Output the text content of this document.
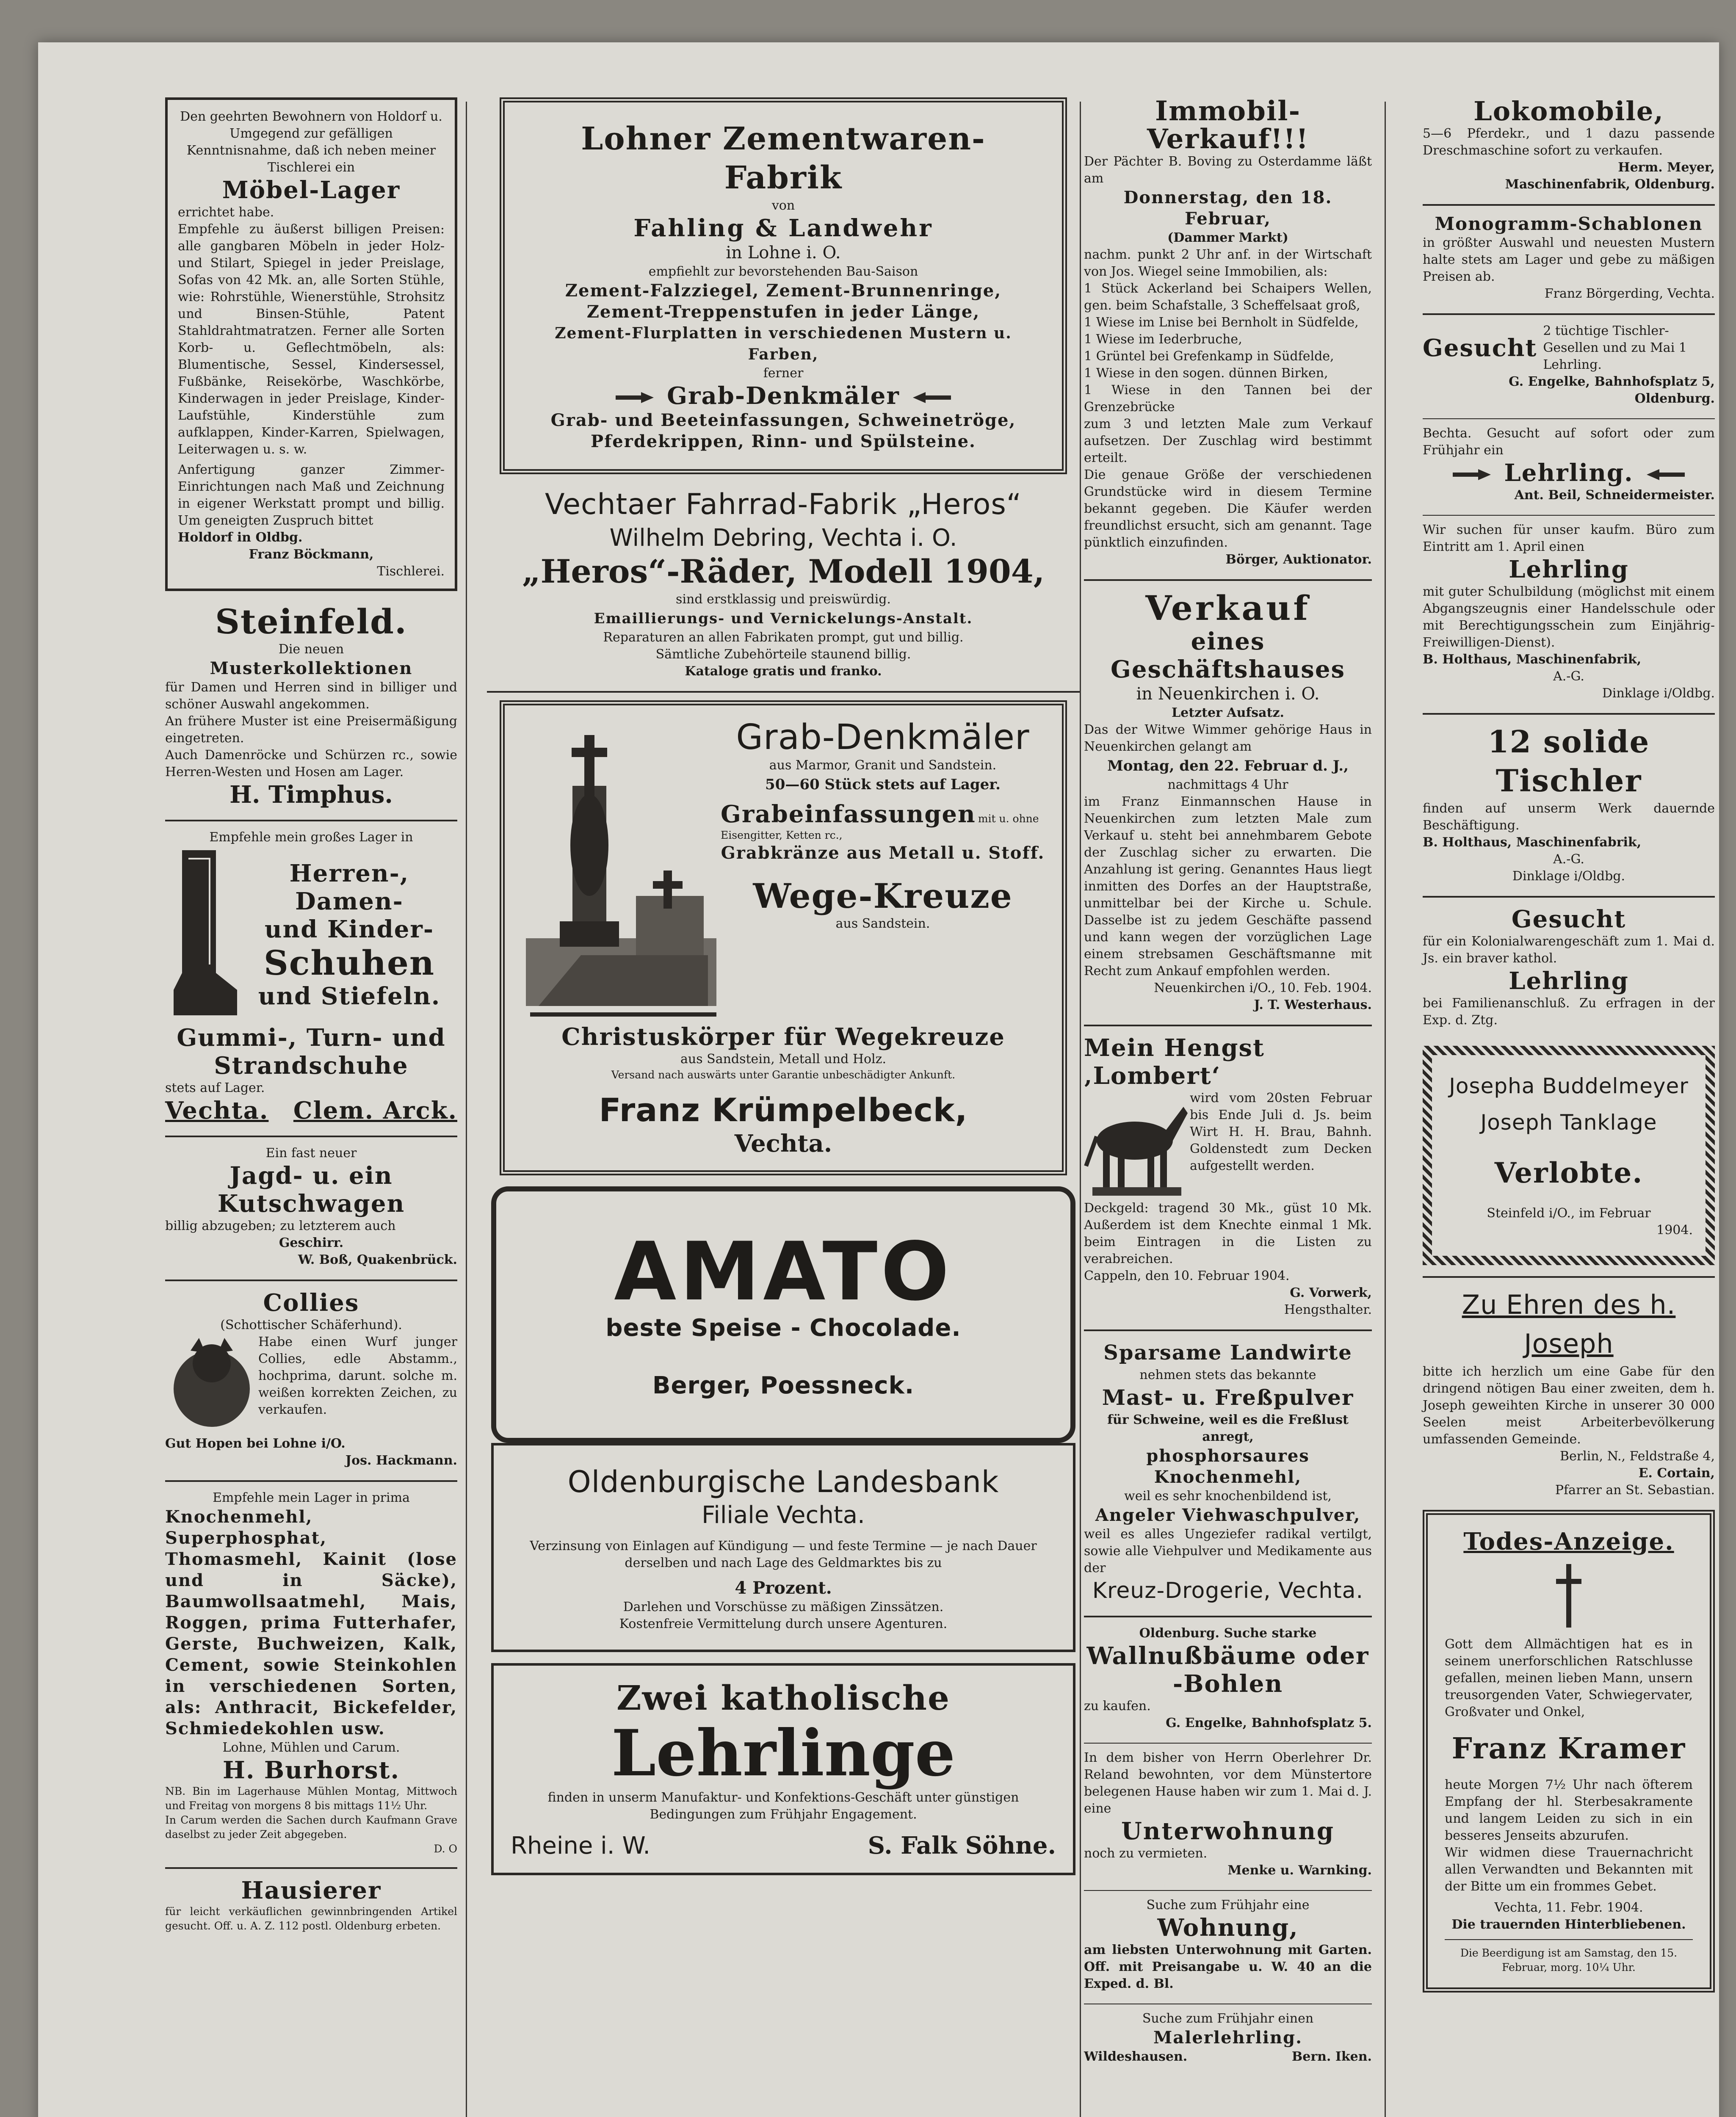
Den geehrten Bewohnern von Holdorf u. Umgegend zur gefälligen Kenntnisnahme, daß ich neben meiner Tischlerei ein
Möbel-Lager
errichtet habe.
Empfehle zu äußerst billigen Preisen: alle gangbaren Möbeln in jeder Holz- und Stilart, Spiegel in jeder Preislage, Sofas von 42 Mk. an, alle Sorten Stühle, wie: Rohrstühle, Wienerstühle, Strohsitz und Binsen-Stühle, Patent Stahldrahtmatratzen. Ferner alle Sorten Korb- u. Geflechtmöbeln, als: Blumentische, Sessel, Kindersessel, Fußbänke, Reisekörbe, Waschkörbe, Kinderwagen in jeder Preislage, Kinder-Laufstühle, Kinderstühle zum aufklappen, Kinder-Karren, Spielwagen, Leiterwagen u. s. w.
Anfertigung ganzer Zimmer-Einrichtungen nach Maß und Zeichnung in eigener Werkstatt prompt und billig. Um geneigten Zuspruch bittet
Holdorf in Oldbg.
Franz Böckmann,
Tischlerei.
Steinfeld.
Die neuen
Musterkollektionen
für Damen und Herren sind in billiger und schöner Auswahl angekommen.
An frühere Muster ist eine Preisermäßigung eingetreten.
Auch Damenröcke und Schürzen rc., sowie Herren-Westen und Hosen am Lager.
H. Timphus.
Empfehle mein großes Lager in
Herren-, Damen-
und Kinder-
Schuhen
und Stiefeln.
Gummi-, Turn- und Strandschuhe
stets auf Lager.
Vechta. Clem. Arck.
Ein fast neuer
Jagd- u. ein Kutschwagen
billig abzugeben; zu letzterem auch
Geschirr.
W. Boß, Quakenbrück.
Collies
(Schottischer Schäferhund).
Habe einen Wurf junger Collies, edle Abstamm., hochprima, darunt. solche m. weißen korrekten Zeichen, zu verkaufen.
Gut Hopen bei Lohne i/O.
Jos. Hackmann.
Empfehle mein Lager in prima
Knochenmehl, Superphosphat, Thomasmehl, Kainit (lose und in Säcke), Baumwollsaatmehl, Mais, Roggen, prima Futterhafer, Gerste, Buchweizen, Kalk, Cement, sowie Steinkohlen in verschiedenen Sorten, als: Anthracit, Bickefelder, Schmiedekohlen usw.
Lohne, Mühlen und Carum.
H. Burhorst.
NB. Bin im Lagerhause Mühlen Montag, Mittwoch und Freitag von morgens 8 bis mittags 11½ Uhr.
In Carum werden die Sachen durch Kaufmann Grave daselbst zu jeder Zeit abgegeben.
D. O
Hausierer
für leicht verkäuflichen gewinnbringenden Artikel gesucht. Off. u. A. Z. 112 postl. Oldenburg erbeten.
Lohner Zementwaren-Fabrik
von
Fahling & Landwehr
in Lohne i. O.
empfiehlt zur bevorstehenden Bau-Saison
Zement-Falzziegel, Zement-Brunnenringe,
Zement-Treppenstufen in jeder Länge,
Zement-Flurplatten in verschiedenen Mustern u. Farben,
ferner
Grab-Denkmäler
Grab- und Beeteinfassungen, Schweinetröge,
Pferdekrippen, Rinn- und Spülsteine.
Vechtaer Fahrrad-Fabrik „Heros“
Wilhelm Debring, Vechta i. O.
„Heros“-Räder, Modell 1904,
sind erstklassig und preiswürdig.
Emaillierungs- und Vernickelungs-Anstalt.
Reparaturen an allen Fabrikaten prompt, gut und billig.
Sämtliche Zubehörteile staunend billig.
Kataloge gratis und franko.
Grab-Denkmäler
aus Marmor, Granit und Sandstein.
50—60 Stück stets auf Lager.
Grabeinfassungen mit u. ohne Eisengitter, Ketten rc.,
Grabkränze aus Metall u. Stoff.
Wege-Kreuze
aus Sandstein.
Christuskörper für Wegekreuze
aus Sandstein, Metall und Holz.
Versand nach auswärts unter Garantie unbeschädigter Ankunft.
Franz Krümpelbeck,
Vechta.
AMATO
beste Speise - Chocolade.
Berger, Poessneck.
Oldenburgische Landesbank
Filiale Vechta.
Verzinsung von Einlagen auf Kündigung — und feste Termine — je nach Dauer derselben und nach Lage des Geldmarktes bis zu
4 Prozent.
Darlehen und Vorschüsse zu mäßigen Zinssätzen.
Kostenfreie Vermittelung durch unsere Agenturen.
Zwei katholische
Lehrlinge
finden in unserm Manufaktur- und Konfektions-Geschäft unter günstigen Bedingungen zum Frühjahr Engagement.
Rheine i. W.	S. Falk Söhne.
Immobil-Verkauf!!!
Der Pächter B. Boving zu Osterdamme läßt am
Donnerstag, den 18. Februar,
(Dammer Markt)
nachm. punkt 2 Uhr anf. in der Wirtschaft von Jos. Wiegel seine Immobilien, als:
1 Stück Ackerland bei Schaipers Wellen, gen. beim Schafstalle, 3 Scheffelsaat groß,
1 Wiese im Lnise bei Bernholt in Südfelde,
1 Wiese im Iederbruche,
1 Grüntel bei Grefenkamp in Südfelde,
1 Wiese in den sogen. dünnen Birken,
1 Wiese in den Tannen bei der Grenzebrücke
zum 3 und letzten Male zum Verkauf aufsetzen. Der Zuschlag wird bestimmt erteilt.
Die genaue Größe der verschiedenen Grundstücke wird in diesem Termine bekannt gegeben. Die Käufer werden freundlichst ersucht, sich am genannt. Tage pünktlich einzufinden.
Börger, Auktionator.
Verkauf
eines Geschäftshauses
in Neuenkirchen i. O.
Letzter Aufsatz.
Das der Witwe Wimmer gehörige Haus in Neuenkirchen gelangt am
Montag, den 22. Februar d. J.,
nachmittags 4 Uhr
im Franz Einmannschen Hause in Neuenkirchen zum letzten Male zum Verkauf u. steht bei annehmbarem Gebote der Zuschlag sicher zu erwarten. Die Anzahlung ist gering. Genanntes Haus liegt inmitten des Dorfes an der Hauptstraße, unmittelbar bei der Kirche u. Schule. Dasselbe ist zu jedem Geschäfte passend und kann wegen der vorzüglichen Lage einem strebsamen Geschäftsmanne mit Recht zum Ankauf empfohlen werden.
Neuenkirchen i/O., 10. Feb. 1904.
J. T. Westerhaus.
Mein Hengst ‚Lombert‘
wird vom 20sten Februar bis Ende Juli d. Js. beim Wirt H. H. Brau, Bahnh. Goldenstedt zum Decken aufgestellt werden.
Deckgeld: tragend 30 Mk., güst 10 Mk. Außerdem ist dem Knechte einmal 1 Mk. beim Eintragen in die Listen zu verabreichen.
Cappeln, den 10. Februar 1904.
G. Vorwerk,
Hengsthalter.
Sparsame Landwirte
nehmen stets das bekannte
Mast- u. Freßpulver
für Schweine, weil es die Freßlust anregt,
phosphorsaures Knochenmehl,
weil es sehr knochenbildend ist,
Angeler Viehwaschpulver,
weil es alles Ungeziefer radikal vertilgt, sowie alle Viehpulver und Medikamente aus der
Kreuz-Drogerie, Vechta.
Oldenburg. Suche starke
Wallnußbäume oder -Bohlen
zu kaufen.
G. Engelke, Bahnhofsplatz 5.
In dem bisher von Herrn Oberlehrer Dr. Reland bewohnten, vor dem Münstertore belegenen Hause haben wir zum 1. Mai d. J. eine
Unterwohnung
noch zu vermieten.
Menke u. Warnking.
Suche zum Frühjahr eine
Wohnung,
am liebsten Unterwohnung mit Garten. Off. mit Preisangabe u. W. 40 an die Exped. d. Bl.
Suche zum Frühjahr einen
Malerlehrling.
Wildeshausen.	Bern. Iken.
Lokomobile,
5—6 Pferdekr., und 1 dazu passende Dreschmaschine sofort zu verkaufen.
Herm. Meyer,
Maschinenfabrik, Oldenburg.
Monogramm-Schablonen
in größter Auswahl und neuesten Mustern halte stets am Lager und gebe zu mäßigen Preisen ab.
Franz Börgerding, Vechta.
Gesucht
2 tüchtige Tischler-Gesellen und zu Mai 1 Lehrling.
G. Engelke, Bahnhofsplatz 5,
Oldenburg.
Bechta. Gesucht auf sofort oder zum Frühjahr ein
Lehrling.
Ant. Beil, Schneidermeister.
Wir suchen für unser kaufm. Büro zum Eintritt am 1. April einen
Lehrling
mit guter Schulbildung (möglichst mit einem Abgangszeugnis einer Handelsschule oder mit Berechtigungsschein zum Einjährig-Freiwilligen-Dienst).
B. Holthaus, Maschinenfabrik,
A.-G.
Dinklage i/Oldbg.
12 solide Tischler
finden auf unserm Werk dauernde Beschäftigung.
B. Holthaus, Maschinenfabrik,
A.-G.
Dinklage i/Oldbg.
Gesucht
für ein Kolonialwarengeschäft zum 1. Mai d. Js. ein braver kathol.
Lehrling
bei Familienanschluß. Zu erfragen in der Exp. d. Ztg.
Josepha Buddelmeyer
Joseph Tanklage
Verlobte.
Steinfeld i/O., im Februar
1904.
Zu Ehren des h. Joseph
bitte ich herzlich um eine Gabe für den dringend nötigen Bau einer zweiten, dem h. Joseph geweihten Kirche in unserer 30 000 Seelen meist Arbeiterbevölkerung umfassenden Gemeinde.
Berlin, N., Feldstraße 4,
E. Cortain,
Pfarrer an St. Sebastian.
Todes-Anzeige.
Gott dem Allmächtigen hat es in seinem unerforschlichen Ratschlusse gefallen, meinen lieben Mann, unsern treusorgenden Vater, Schwiegervater, Großvater und Onkel,
Franz Kramer
heute Morgen 7½ Uhr nach öfterem Empfang der hl. Sterbesakramente und langem Leiden zu sich in ein besseres Jenseits abzurufen.
Wir widmen diese Trauernachricht allen Verwandten und Bekannten mit der Bitte um ein frommes Gebet.
Vechta, 11. Febr. 1904.
Die trauernden Hinterbliebenen.
Die Beerdigung ist am Samstag, den 15. Februar, morg. 10¼ Uhr.
